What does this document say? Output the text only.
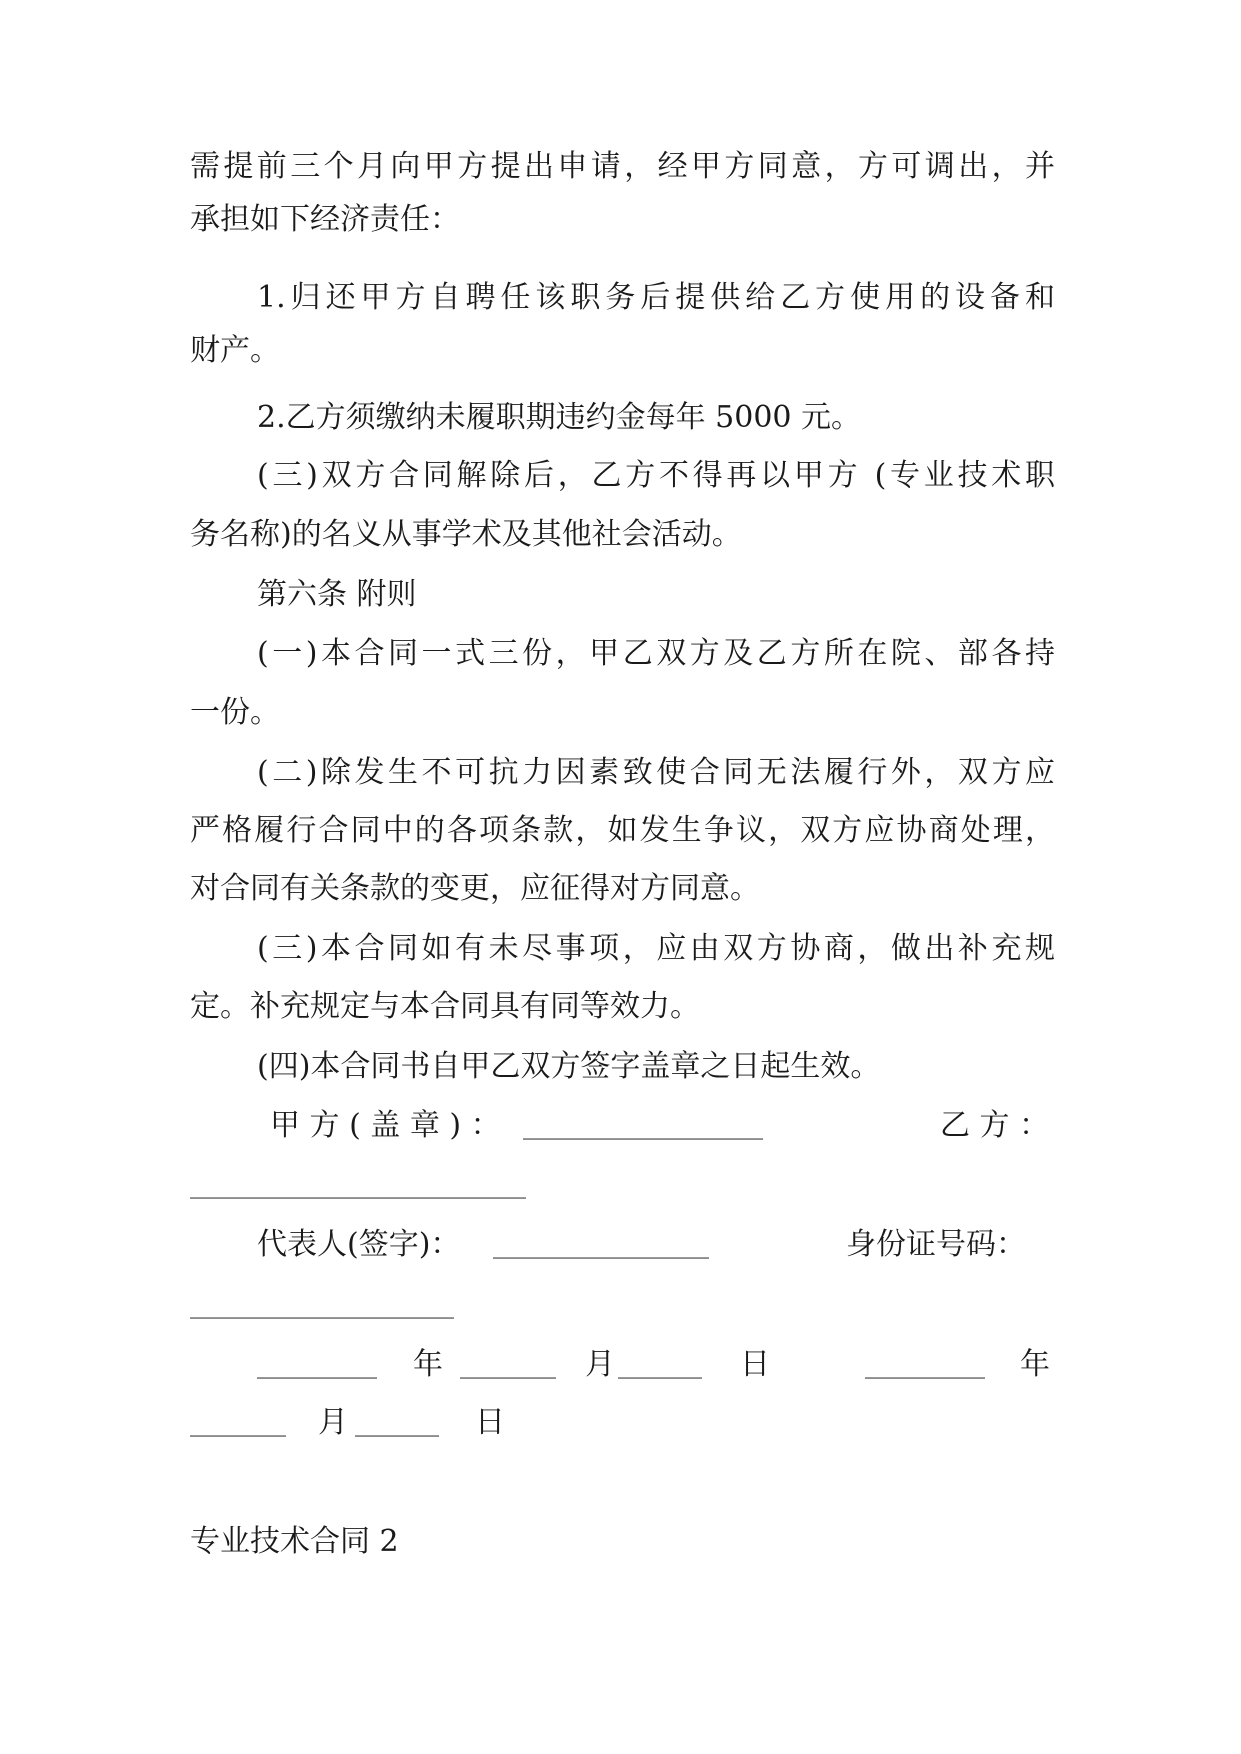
需提前三个月向甲方提出申请，经甲方同意，方可调出，并
承担如下经济责任：
1.归还甲方自聘任该职务后提供给乙方使用的设备和
财产。
2.乙方须缴纳未履职期违约金每年 5000 元。
(三)双方合同解除后，乙方不得再以甲方 (专业技术职
务名称)的名义从事学术及其他社会活动。
第六条 附则
(一)本合同一式三份，甲乙双方及乙方所在院、部各持
一份。
(二)除发生不可抗力因素致使合同无法履行外，双方应
严格履行合同中的各项条款，如发生争议，双方应协商处理，
对合同有关条款的变更，应征得对方同意。
(三)本合同如有未尽事项，应由双方协商，做出补充规
定。补充规定与本合同具有同等效力。
(四)本合同书自甲乙双方签字盖章之日起生效。
甲 方 ( 盖 章 ) ： ____________________	乙 方 ：
____________________________
代表人(签字)： __________________	身份证号码：
______________________
__________ 年 ________ 月 _______ 日	__________ 年
________ 月 _______ 日
专业技术合同 2
